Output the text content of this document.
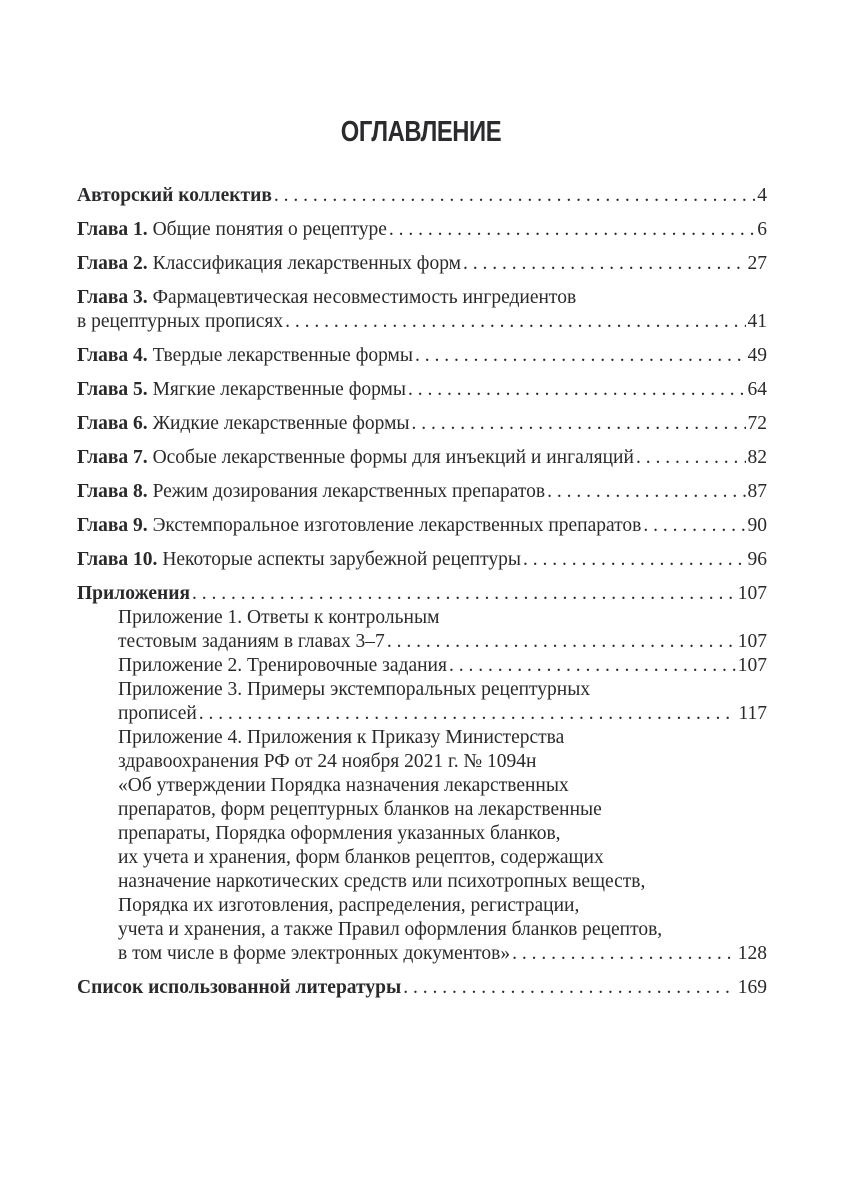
ОГЛАВЛЕНИЕ
Авторский коллектив . . .	4
Глава 1. Общие понятия о рецептуре . . .	6
Глава 2. Классификация лекарственных форм . . .	27
Глава 3. Фармацевтическая несовместимость ингредиентов
в рецептурных прописях . . .	41
Глава 4. Твердые лекарственные формы . . .	49
Глава 5. Мягкие лекарственные формы . . .	64
Глава 6. Жидкие лекарственные формы . . .	72
Глава 7. Особые лекарственные формы для инъекций и ингаляций . . .	82
Глава 8. Режим дозирования лекарственных препаратов . . .	87
Глава 9. Экстемпоральное изготовление лекарственных препаратов . . .	90
Глава 10. Некоторые аспекты зарубежной рецептуры . . .	96
Приложения . . .	107
Приложение 1. Ответы к контрольным
тестовым заданиям в главах 3–7 . . .	107
Приложение 2. Тренировочные задания . . .	107
Приложение 3. Примеры экстемпоральных рецептурных
прописей . . .	117
Приложение 4. Приложения к Приказу Министерства
здравоохранения РФ от 24 ноября 2021 г. № 1094н
«Об утверждении Порядка назначения лекарственных
препаратов, форм рецептурных бланков на лекарственные
препараты, Порядка оформления указанных бланков,
их учета и хранения, форм бланков рецептов, содержащих
назначение наркотических средств или психотропных веществ,
Порядка их изготовления, распределения, регистрации,
учета и хранения, а также Правил оформления бланков рецептов,
в том числе в форме электронных документов» . . .	128
Список использованной литературы . . .	169
